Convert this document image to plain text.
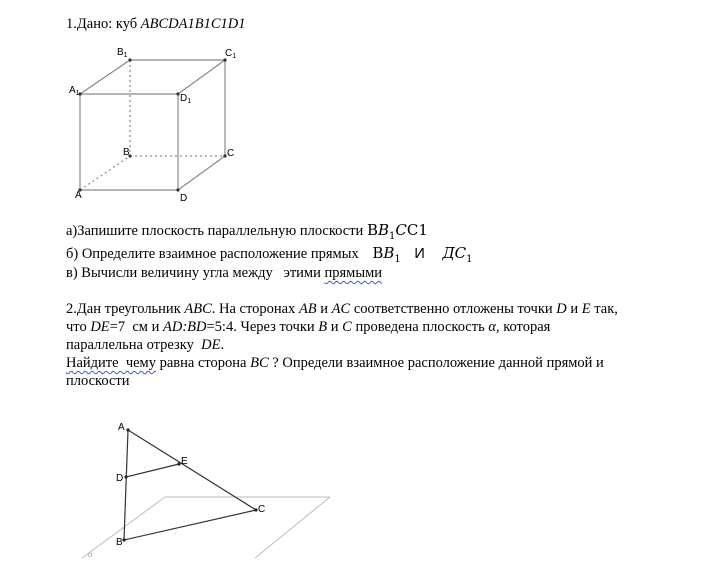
1.Дано: куб ABCDA1B1C1D1
$B_1$	$C_1$
$A_1$	$D_1$
B	C
A	D
а)Запишите плоскость параллельную плоскости $ВB_1CC1$
б) Определите взаимное расположение прямых $ВB_1$ И $ДС_1$
в) Вычисли величину угла между   этими прямыми
2.Дан треугольник ABC. На сторонах AB и AC соответственно отложены точки D и E так,
что DE=7  см и AD:BD=5:4. Через точки B и C проведена плоскость α, которая
параллельна отрезку  DE.
Найдите  чему равна сторона BC ? Определи взаимное расположение данной прямой и
плоскости
A
D
E
B
C
α
